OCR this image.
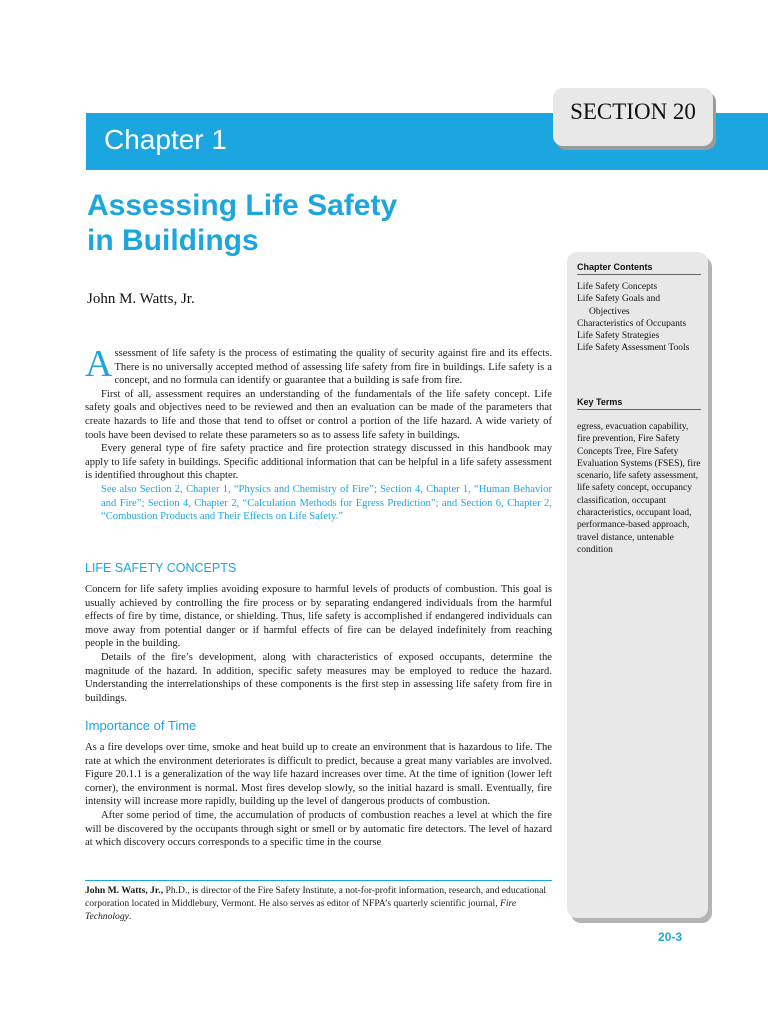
Chapter 1
SECTION 20
Assessing Life Safety
in Buildings
John M. Watts, Jr.

Assessment of life safety is the process of estimating the quality of security against fire and its effects. There is no universally accepted method of assessing life safety from fire in buildings. Life safety is a concept, and no formula can identify or guarantee that a building is safe from fire.

First of all, assessment requires an understanding of the fundamentals of the life safety concept. Life safety goals and objectives need to be reviewed and then an evaluation can be made of the parameters that create hazards to life and those that tend to offset or control a portion of the life hazard. A wide variety of tools have been devised to relate these parameters so as to assess life safety in buildings.

Every general type of fire safety practice and fire protection strategy discussed in this handbook may apply to life safety in buildings. Specific additional information that can be helpful in a life safety assessment is identified throughout this chapter.

See also Section 2, Chapter 1, “Physics and Chemistry of Fire”; Section 4, Chapter 1, “Human Behavior and Fire”; Section 4, Chapter 2, “Calculation Methods for Egress Prediction”; and Section 6, Chapter 2, “Combustion Products and Their Effects on Life Safety.”

LIFE SAFETY CONCEPTS

Concern for life safety implies avoiding exposure to harmful levels of products of combustion. This goal is usually achieved by controlling the fire process or by separating endangered individuals from the harmful effects of fire by time, distance, or shielding. Thus, life safety is accomplished if endangered individuals can move away from potential danger or if harmful effects of fire can be delayed indefinitely from reaching people in the building.

Details of the fire’s development, along with characteristics of exposed occupants, determine the magnitude of the hazard. In addition, specific safety measures may be employed to reduce the hazard. Understanding the interrelationships of these components is the first step in assessing life safety from fire in buildings.

Importance of Time

As a fire develops over time, smoke and heat build up to create an environment that is hazardous to life. The rate at which the environment deteriorates is difficult to predict, because a great many variables are involved. Figure 20.1.1 is a generalization of the way life hazard increases over time. At the time of ignition (lower left corner), the environment is normal. Most fires develop slowly, so the initial hazard is small. Eventually, fire intensity will increase more rapidly, building up the level of dangerous products of combustion.

After some period of time, the accumulation of products of combustion reaches a level at which the fire will be discovered by the occupants through sight or smell or by automatic fire detectors. The level of hazard at which discovery occurs corresponds to a specific time in the course

John M. Watts, Jr., Ph.D., is director of the Fire Safety Institute, a not-for-profit information, research, and educational corporation located in Middlebury, Vermont. He also serves as editor of NFPA’s quarterly scientific journal, Fire Technology.
Chapter Contents
Life Safety Concepts
Life Safety Goals and Objectives
Characteristics of Occupants
Life Safety Strategies
Life Safety Assessment Tools
Key Terms
egress, evacuation capability, fire prevention, Fire Safety Concepts Tree, Fire Safety Evaluation Systems (FSES), fire scenario, life safety assessment, life safety concept, occupancy classification, occupant characteristics, occupant load, performance-based approach, travel distance, untenable condition
20-3
